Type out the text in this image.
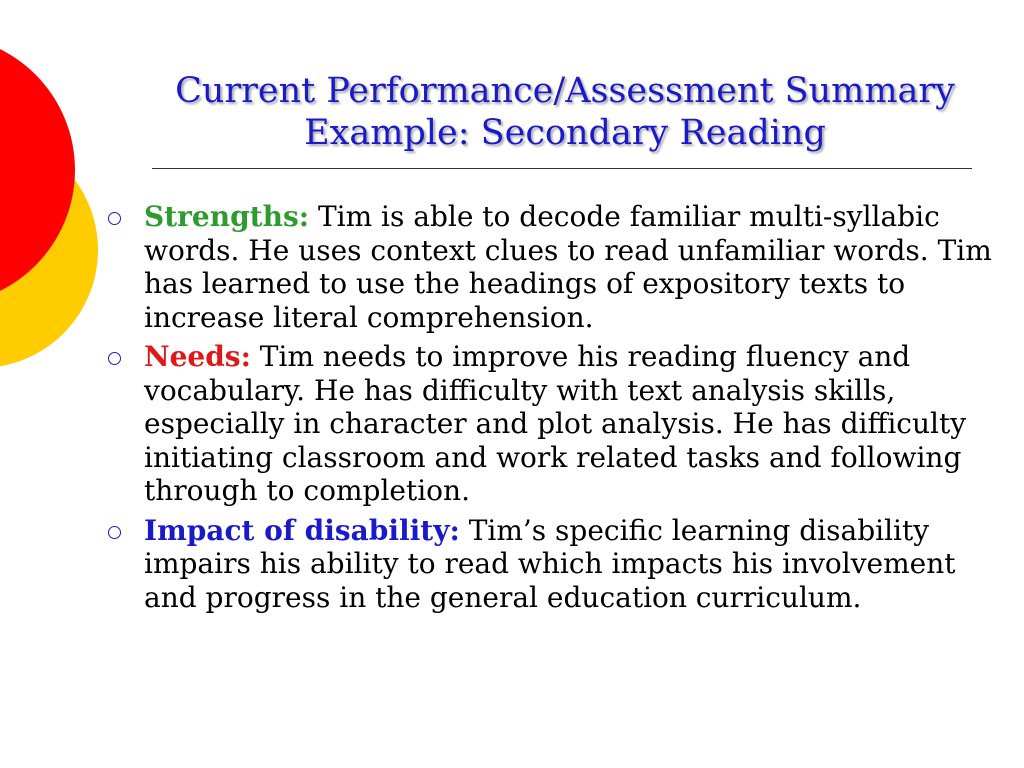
Current Performance/Assessment Summary
Example: Secondary Reading
Strengths: Tim is able to decode familiar multi-syllabic words. He uses context clues to read unfamiliar words. Tim has learned to use the headings of expository texts to increase literal comprehension.
Needs: Tim needs to improve his reading fluency and vocabulary. He has difficulty with text analysis skills, especially in character and plot analysis. He has difficulty initiating classroom and work related tasks and following through to completion.
Impact of disability: Tim’s specific learning disability impairs his ability to read which impacts his involvement and progress in the general education curriculum.
